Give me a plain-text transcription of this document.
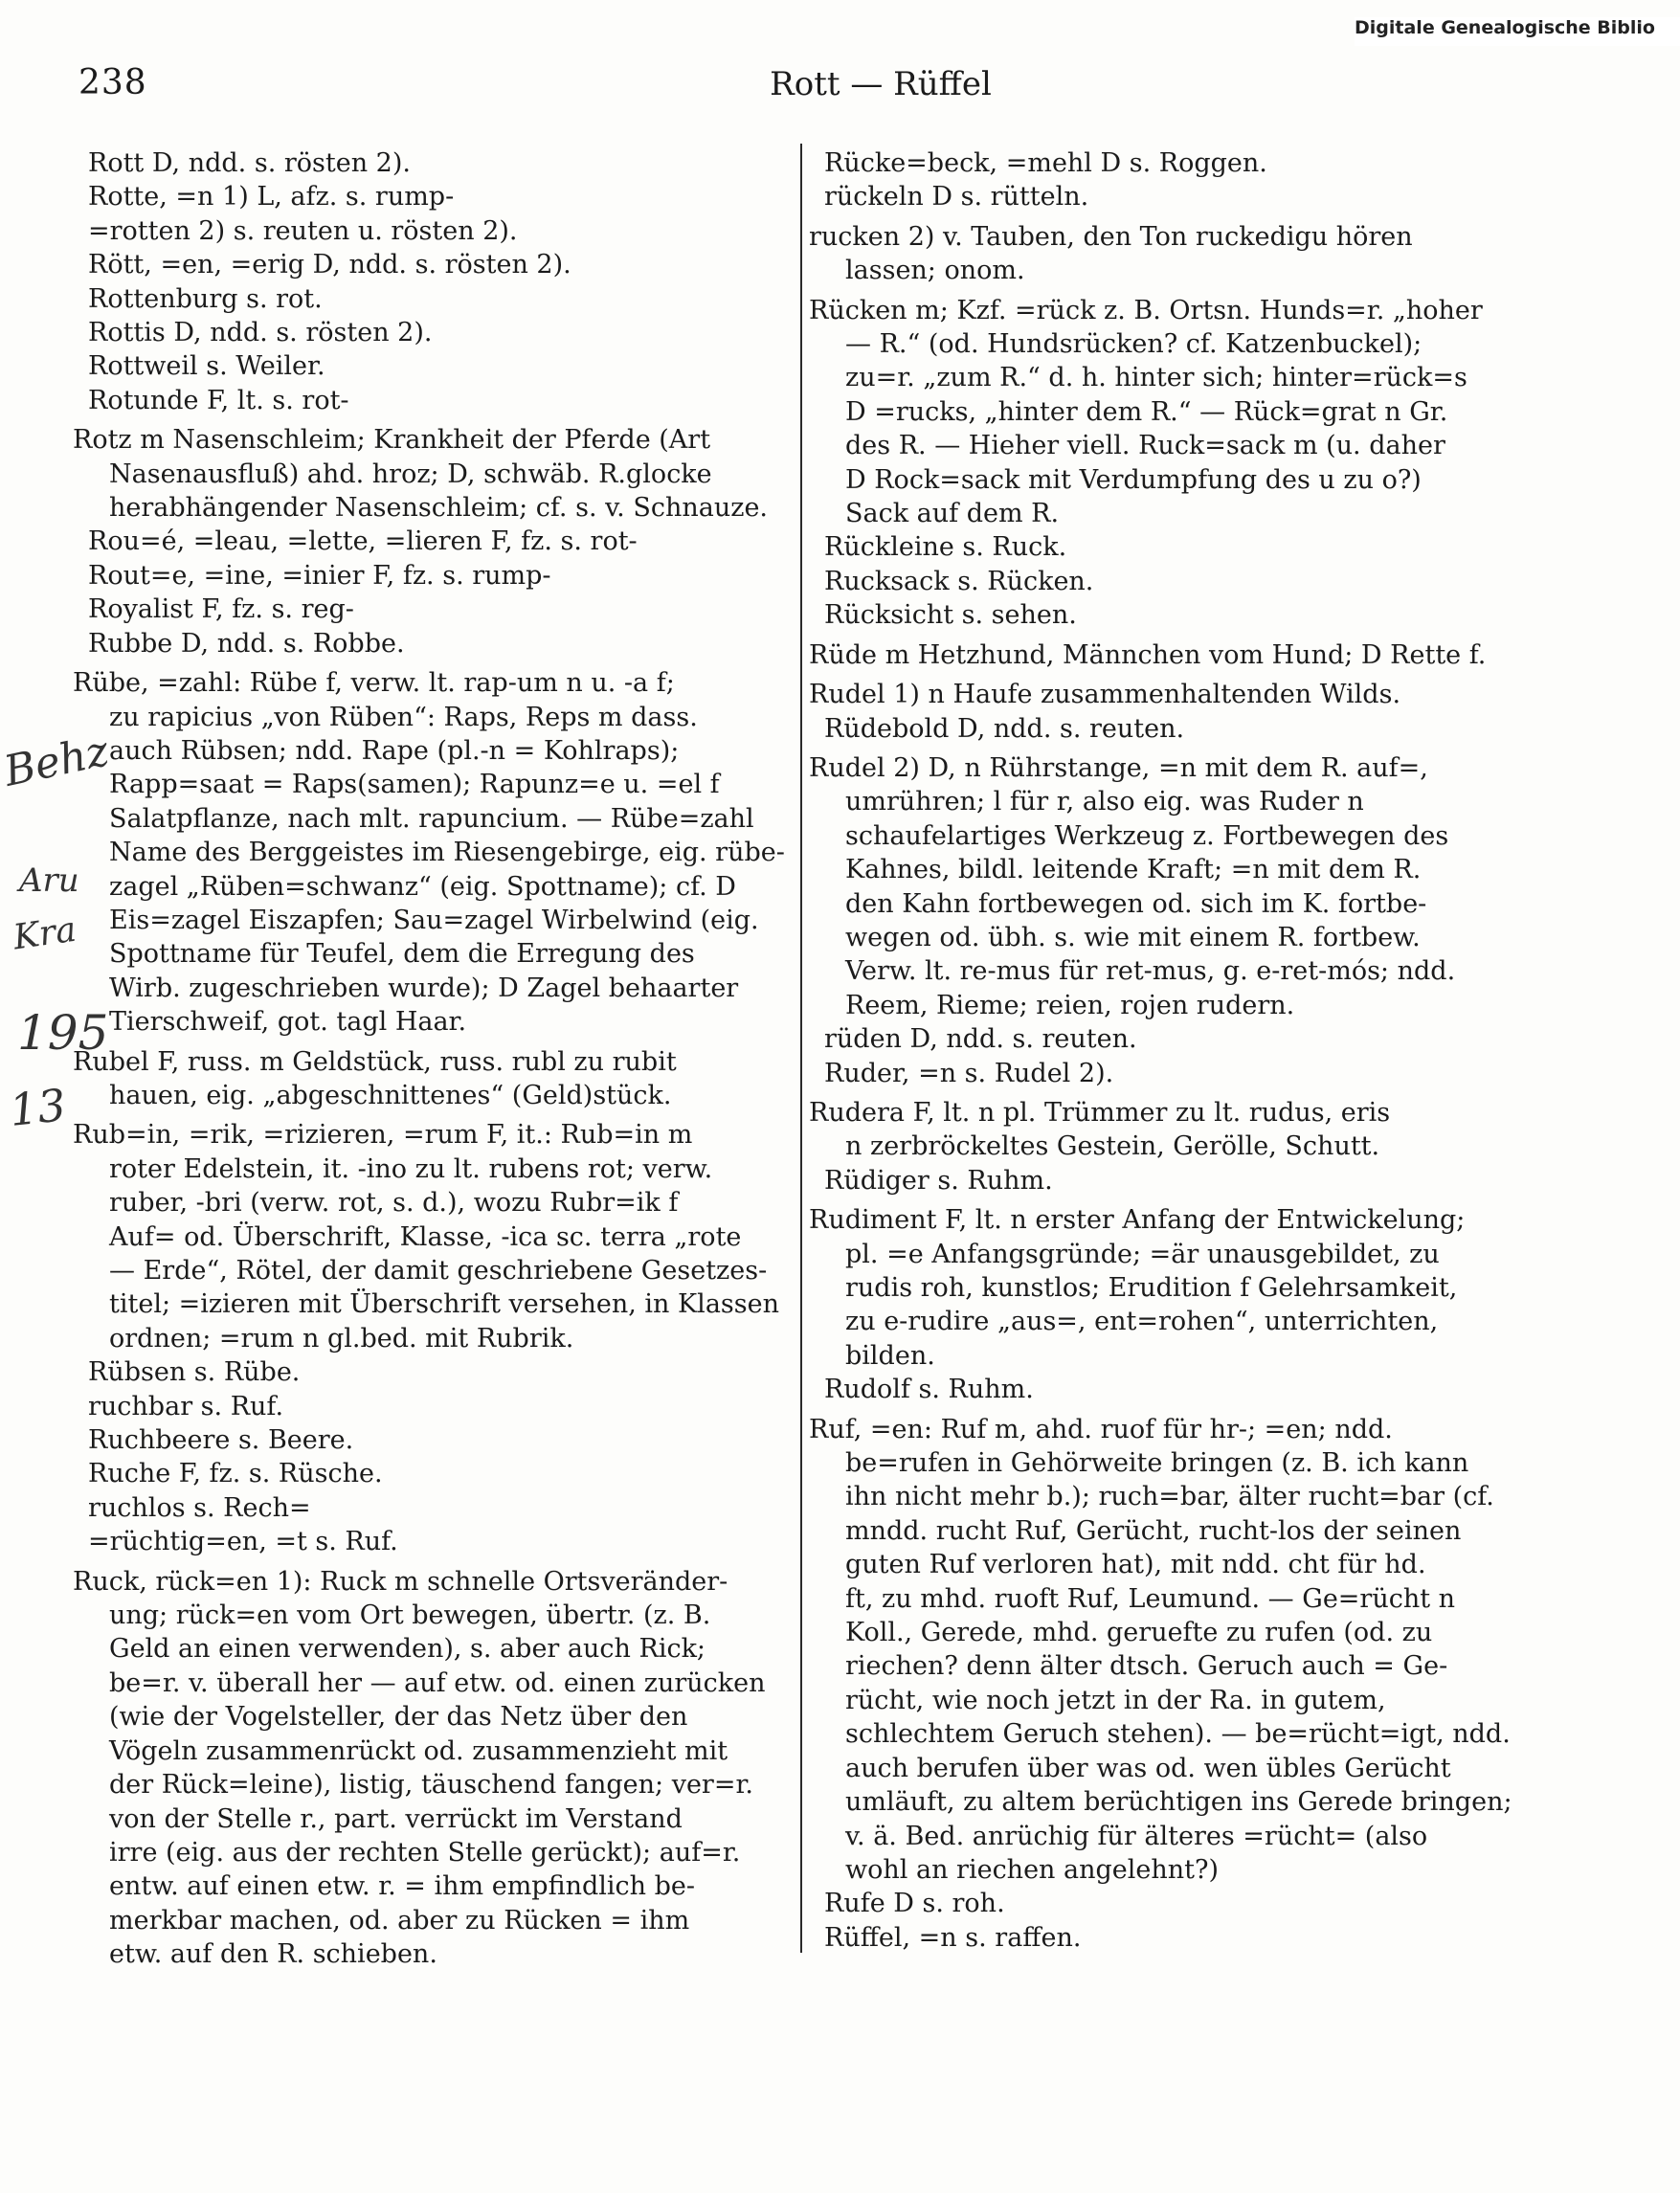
Digitale Genealogische Biblio
238	Rott — Rüffel
Behz
Aru
Kra
195
13
Rott D, ndd. s. rösten 2).
Rotte, =n 1) L, afz. s. rump-
=rotten 2) s. reuten u. rösten 2).
Rött, =en, =erig D, ndd. s. rösten 2).
Rottenburg s. rot.
Rottis D, ndd. s. rösten 2).
Rottweil s. Weiler.
Rotunde F, lt. s. rot-
Rotz m Nasenschleim; Krankheit der Pferde (Art
Nasenausfluß) ahd. hroz; D, schwäb. R.glocke
herabhängender Nasenschleim; cf. s. v. Schnauze.
Rou=é, =leau, =lette, =lieren F, fz. s. rot-
Rout=e, =ine, =inier F, fz. s. rump-
Royalist F, fz. s. reg-
Rubbe D, ndd. s. Robbe.
Rübe, =zahl: Rübe f, verw. lt. rap-um n u. -a f;
zu rapicius „von Rüben“: Raps, Reps m dass.
auch Rübsen; ndd. Rape (pl.-n = Kohlraps);
Rapp=saat = Raps(samen); Rapunz=e u. =el f
Salatpflanze, nach mlt. rapuncium. — Rübe=zahl
Name des Berggeistes im Riesengebirge, eig. rübe-
zagel „Rüben=schwanz“ (eig. Spottname); cf. D
Eis=zagel Eiszapfen; Sau=zagel Wirbelwind (eig.
Spottname für Teufel, dem die Erregung des
Wirb. zugeschrieben wurde); D Zagel behaarter
Tierschweif, got. tagl Haar.
Rubel F, russ. m Geldstück, russ. rubl zu rubit
hauen, eig. „abgeschnittenes“ (Geld)stück.
Rub=in, =rik, =rizieren, =rum F, it.: Rub=in m
roter Edelstein, it. -ino zu lt. rubens rot; verw.
ruber, -bri (verw. rot, s. d.), wozu Rubr=ik f
Auf= od. Überschrift, Klasse, -ica sc. terra „rote
— Erde“, Rötel, der damit geschriebene Gesetzes-
titel; =izieren mit Überschrift versehen, in Klassen
ordnen; =rum n gl.bed. mit Rubrik.
Rübsen s. Rübe.
ruchbar s. Ruf.
Ruchbeere s. Beere.
Ruche F, fz. s. Rüsche.
ruchlos s. Rech=
=rüchtig=en, =t s. Ruf.
Ruck, rück=en 1): Ruck m schnelle Ortsveränder-
ung; rück=en vom Ort bewegen, übertr. (z. B.
Geld an einen verwenden), s. aber auch Rick;
be=r. v. überall her — auf etw. od. einen zurücken
(wie der Vogelsteller, der das Netz über den
Vögeln zusammenrückt od. zusammenzieht mit
der Rück=leine), listig, täuschend fangen; ver=r.
von der Stelle r., part. verrückt im Verstand
irre (eig. aus der rechten Stelle gerückt); auf=r.
entw. auf einen etw. r. = ihm empfindlich be-
merkbar machen, od. aber zu Rücken = ihm
etw. auf den R. schieben.
Rücke=beck, =mehl D s. Roggen.
rückeln D s. rütteln.
rucken 2) v. Tauben, den Ton ruckedigu hören
lassen; onom.
Rücken m; Kzf. =rück z. B. Ortsn. Hunds=r. „hoher
— R.“ (od. Hundsrücken? cf. Katzenbuckel);
zu=r. „zum R.“ d. h. hinter sich; hinter=rück=s
D =rucks, „hinter dem R.“ — Rück=grat n Gr.
des R. — Hieher viell. Ruck=sack m (u. daher
D Rock=sack mit Verdumpfung des u zu o?)
Sack auf dem R.
Rückleine s. Ruck.
Rucksack s. Rücken.
Rücksicht s. sehen.
Rüde m Hetzhund, Männchen vom Hund; D Rette f.
Rudel 1) n Haufe zusammenhaltenden Wilds.
Rüdebold D, ndd. s. reuten.
Rudel 2) D, n Rührstange, =n mit dem R. auf=,
umrühren; l für r, also eig. was Ruder n
schaufelartiges Werkzeug z. Fortbewegen des
Kahnes, bildl. leitende Kraft; =n mit dem R.
den Kahn fortbewegen od. sich im K. fortbe-
wegen od. übh. s. wie mit einem R. fortbew.
Verw. lt. re-mus für ret-mus, g. e-ret-mós; ndd.
Reem, Rieme; reien, rojen rudern.
rüden D, ndd. s. reuten.
Ruder, =n s. Rudel 2).
Rudera F, lt. n pl. Trümmer zu lt. rudus, eris
n zerbröckeltes Gestein, Gerölle, Schutt.
Rüdiger s. Ruhm.
Rudiment F, lt. n erster Anfang der Entwickelung;
pl. =e Anfangsgründe; =är unausgebildet, zu
rudis roh, kunstlos; Erudition f Gelehrsamkeit,
zu e-rudire „aus=, ent=rohen“, unterrichten,
bilden.
Rudolf s. Ruhm.
Ruf, =en: Ruf m, ahd. ruof für hr-; =en; ndd.
be=rufen in Gehörweite bringen (z. B. ich kann
ihn nicht mehr b.); ruch=bar, älter rucht=bar (cf.
mndd. rucht Ruf, Gerücht, rucht-los der seinen
guten Ruf verloren hat), mit ndd. cht für hd.
ft, zu mhd. ruoft Ruf, Leumund. — Ge=rücht n
Koll., Gerede, mhd. geruefte zu rufen (od. zu
riechen? denn älter dtsch. Geruch auch = Ge-
rücht, wie noch jetzt in der Ra. in gutem,
schlechtem Geruch stehen). — be=rücht=igt, ndd.
auch berufen über was od. wen übles Gerücht
umläuft, zu altem berüchtigen ins Gerede bringen;
v. ä. Bed. anrüchig für älteres =rücht= (also
wohl an riechen angelehnt?)
Rufe D s. roh.
Rüffel, =n s. raffen.
